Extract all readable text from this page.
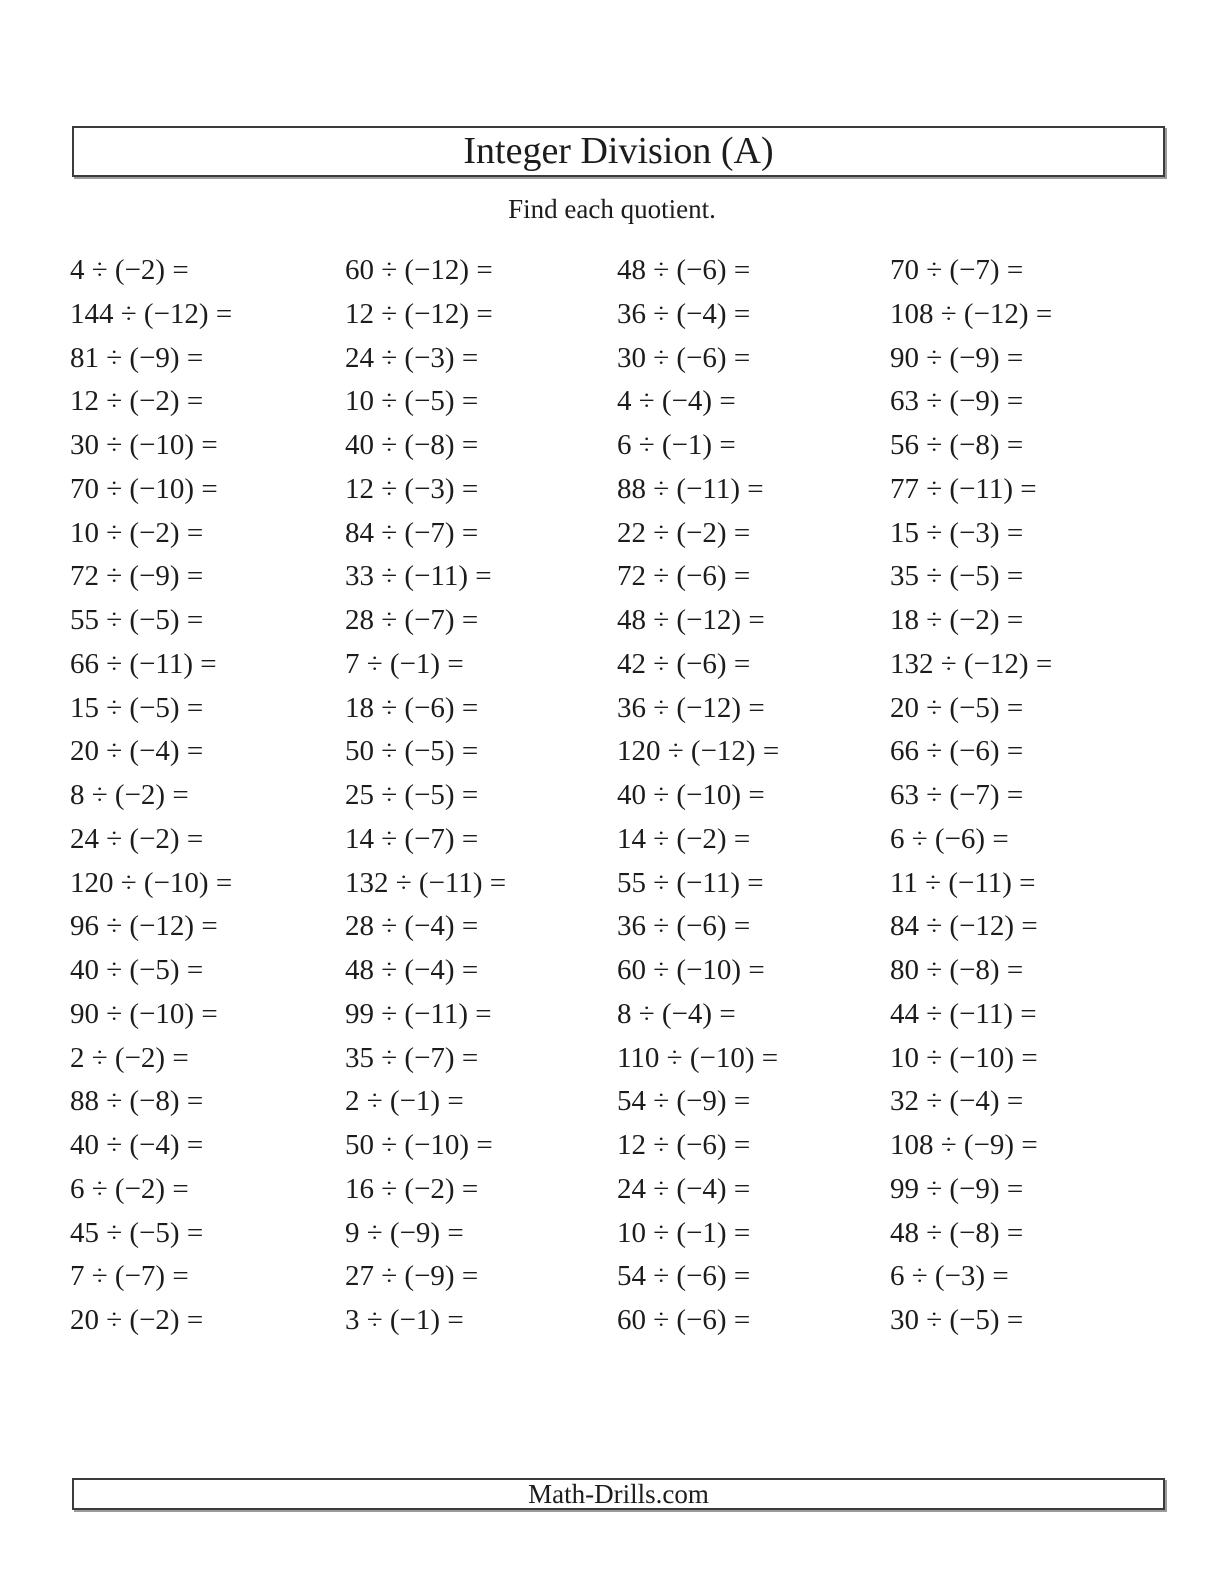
Integer Division (A)
Find each quotient.
4 ÷ (−2) =	60 ÷ (−12) =	48 ÷ (−6) =	70 ÷ (−7) =
144 ÷ (−12) =	12 ÷ (−12) =	36 ÷ (−4) =	108 ÷ (−12) =
81 ÷ (−9) =	24 ÷ (−3) =	30 ÷ (−6) =	90 ÷ (−9) =
12 ÷ (−2) =	10 ÷ (−5) =	4 ÷ (−4) =	63 ÷ (−9) =
30 ÷ (−10) =	40 ÷ (−8) =	6 ÷ (−1) =	56 ÷ (−8) =
70 ÷ (−10) =	12 ÷ (−3) =	88 ÷ (−11) =	77 ÷ (−11) =
10 ÷ (−2) =	84 ÷ (−7) =	22 ÷ (−2) =	15 ÷ (−3) =
72 ÷ (−9) =	33 ÷ (−11) =	72 ÷ (−6) =	35 ÷ (−5) =
55 ÷ (−5) =	28 ÷ (−7) =	48 ÷ (−12) =	18 ÷ (−2) =
66 ÷ (−11) =	7 ÷ (−1) =	42 ÷ (−6) =	132 ÷ (−12) =
15 ÷ (−5) =	18 ÷ (−6) =	36 ÷ (−12) =	20 ÷ (−5) =
20 ÷ (−4) =	50 ÷ (−5) =	120 ÷ (−12) =	66 ÷ (−6) =
8 ÷ (−2) =	25 ÷ (−5) =	40 ÷ (−10) =	63 ÷ (−7) =
24 ÷ (−2) =	14 ÷ (−7) =	14 ÷ (−2) =	6 ÷ (−6) =
120 ÷ (−10) =	132 ÷ (−11) =	55 ÷ (−11) =	11 ÷ (−11) =
96 ÷ (−12) =	28 ÷ (−4) =	36 ÷ (−6) =	84 ÷ (−12) =
40 ÷ (−5) =	48 ÷ (−4) =	60 ÷ (−10) =	80 ÷ (−8) =
90 ÷ (−10) =	99 ÷ (−11) =	8 ÷ (−4) =	44 ÷ (−11) =
2 ÷ (−2) =	35 ÷ (−7) =	110 ÷ (−10) =	10 ÷ (−10) =
88 ÷ (−8) =	2 ÷ (−1) =	54 ÷ (−9) =	32 ÷ (−4) =
40 ÷ (−4) =	50 ÷ (−10) =	12 ÷ (−6) =	108 ÷ (−9) =
6 ÷ (−2) =	16 ÷ (−2) =	24 ÷ (−4) =	99 ÷ (−9) =
45 ÷ (−5) =	9 ÷ (−9) =	10 ÷ (−1) =	48 ÷ (−8) =
7 ÷ (−7) =	27 ÷ (−9) =	54 ÷ (−6) =	6 ÷ (−3) =
20 ÷ (−2) =	3 ÷ (−1) =	60 ÷ (−6) =	30 ÷ (−5) =
Math-Drills.com
